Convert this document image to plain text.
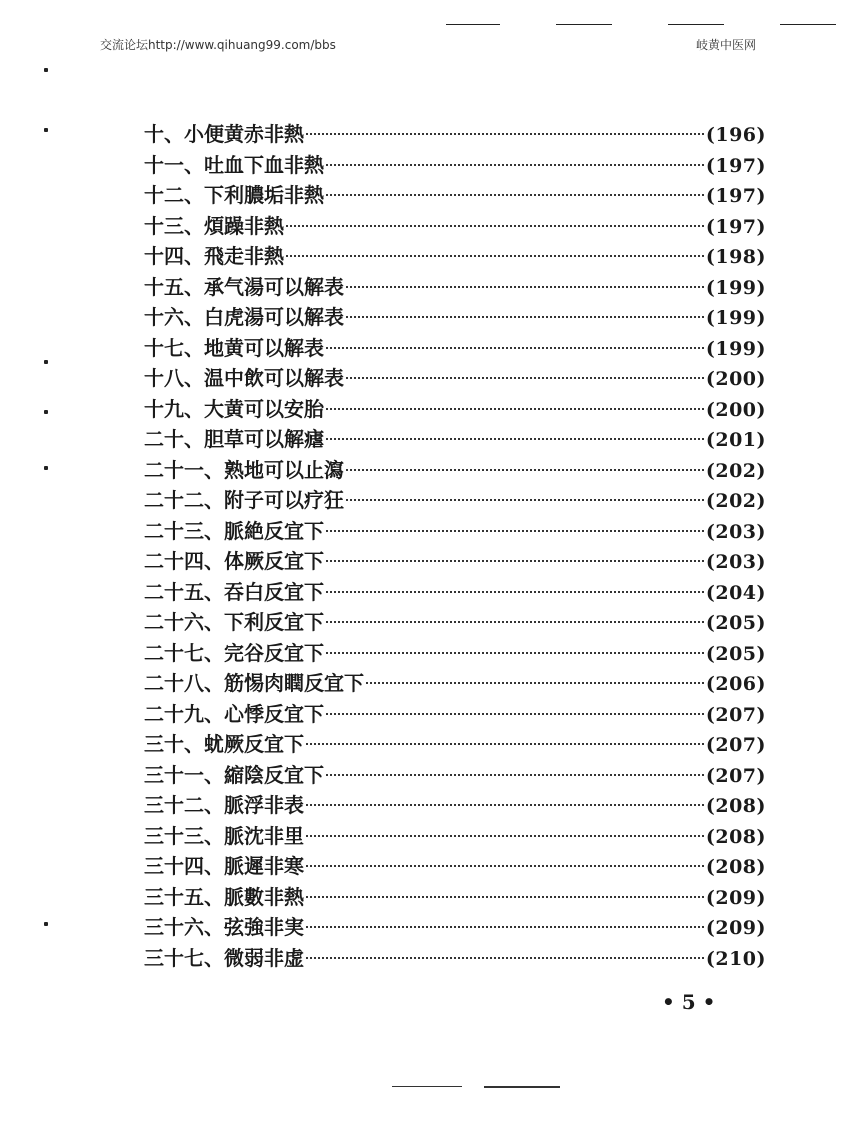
交流论坛http://www.qihuang99.com/bbs	岐黄中医网
十、小便黄赤非熱	(196)
十一、吐血下血非熱	(197)
十二、下利膿垢非熱	(197)
十三、煩躁非熱	(197)
十四、飛走非熱	(198)
十五、承气湯可以解表	(199)
十六、白虎湯可以解表	(199)
十七、地黄可以解表	(199)
十八、温中飲可以解表	(200)
十九、大黄可以安胎	(200)
二十、胆草可以解瘧	(201)
二十一、熟地可以止瀉	(202)
二十二、附子可以疗狂	(202)
二十三、脈絶反宜下	(203)
二十四、体厥反宜下	(203)
二十五、吞白反宜下	(204)
二十六、下利反宜下	(205)
二十七、完谷反宜下	(205)
二十八、筋惕肉瞤反宜下	(206)
二十九、心悸反宜下	(207)
三十、蚘厥反宜下	(207)
三十一、縮陰反宜下	(207)
三十二、脈浮非表	(208)
三十三、脈沈非里	(208)
三十四、脈遲非寒	(208)
三十五、脈數非熱	(209)
三十六、弦強非実	(209)
三十七、微弱非虚	(210)
• 5 •
